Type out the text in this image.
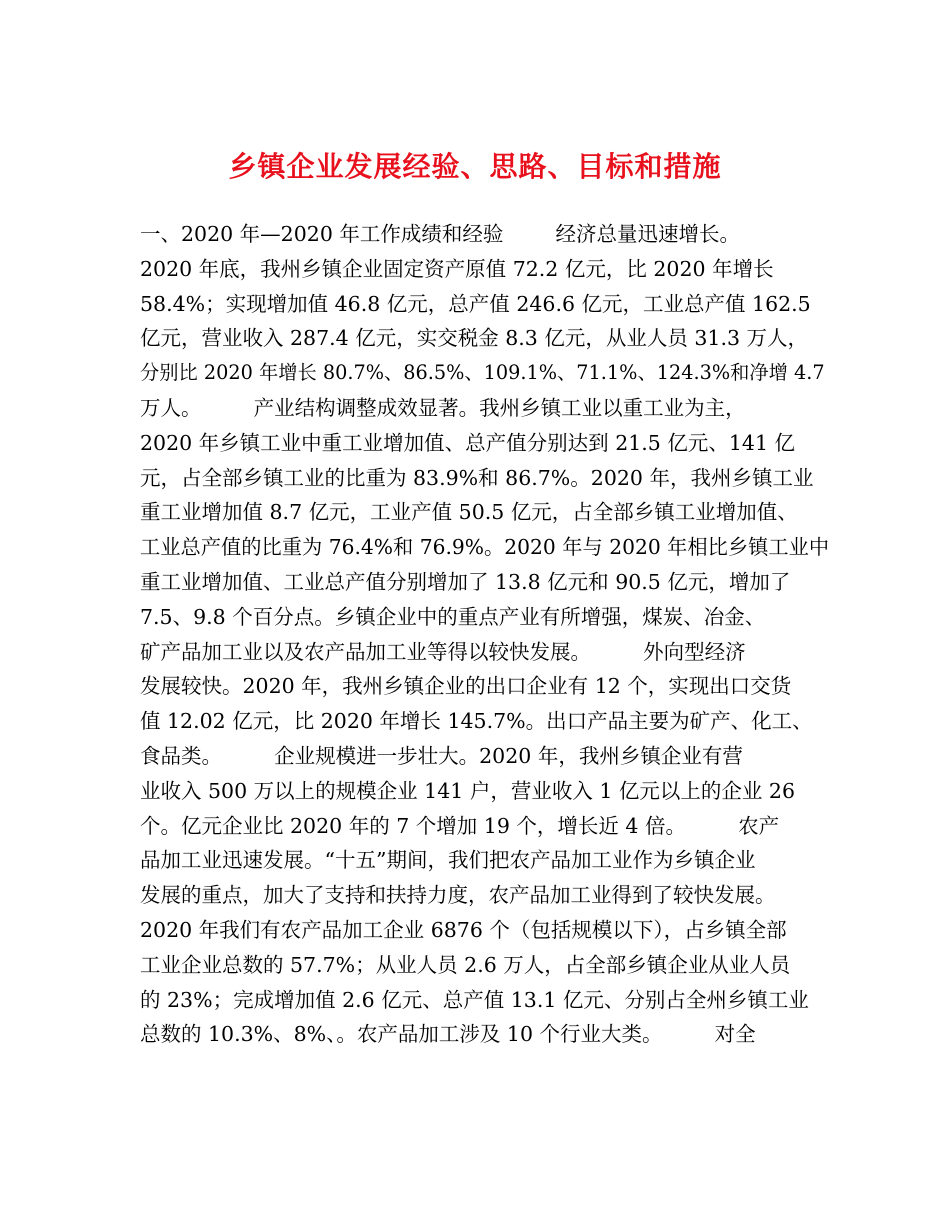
乡镇企业发展经验、思路、目标和措施
一、2020 年—2020 年工作成绩和经验        经济总量迅速增长。
2020 年底，我州乡镇企业固定资产原值 72.2 亿元，比 2020 年增长
58.4%；实现增加值 46.8 亿元，总产值 246.6 亿元，工业总产值 162.5
亿元，营业收入 287.4 亿元，实交税金 8.3 亿元，从业人员 31.3 万人，
分别比 2020 年增长 80.7%、86.5%、109.1%、71.1%、124.3%和净增 4.7
万人。        产业结构调整成效显著。我州乡镇工业以重工业为主，
2020 年乡镇工业中重工业增加值、总产值分别达到 21.5 亿元、141 亿
元，占全部乡镇工业的比重为 83.9%和 86.7%。2020 年，我州乡镇工业
重工业增加值 8.7 亿元，工业产值 50.5 亿元，占全部乡镇工业增加值、
工业总产值的比重为 76.4%和 76.9%。2020 年与 2020 年相比乡镇工业中
重工业增加值、工业总产值分别增加了 13.8 亿元和 90.5 亿元，增加了
7.5、9.8 个百分点。乡镇企业中的重点产业有所增强，煤炭、冶金、
矿产品加工业以及农产品加工业等得以较快发展。        外向型经济
发展较快。2020 年，我州乡镇企业的出口企业有 12 个，实现出口交货
值 12.02 亿元，比 2020 年增长 145.7%。出口产品主要为矿产、化工、
食品类。        企业规模进一步壮大。2020 年，我州乡镇企业有营
业收入 500 万以上的规模企业 141 户，营业收入 1 亿元以上的企业 26
个。亿元企业比 2020 年的 7 个增加 19 个，增长近 4 倍。        农产
品加工业迅速发展。“十五”期间，我们把农产品加工业作为乡镇企业
发展的重点，加大了支持和扶持力度，农产品加工业得到了较快发展。
2020 年我们有农产品加工企业 6876 个（包括规模以下），占乡镇全部
工业企业总数的 57.7%；从业人员 2.6 万人，占全部乡镇企业从业人员
的 23%；完成增加值 2.6 亿元、总产值 13.1 亿元、分别占全州乡镇工业
总数的 10.3%、8%、。农产品加工涉及 10 个行业大类。        对全
